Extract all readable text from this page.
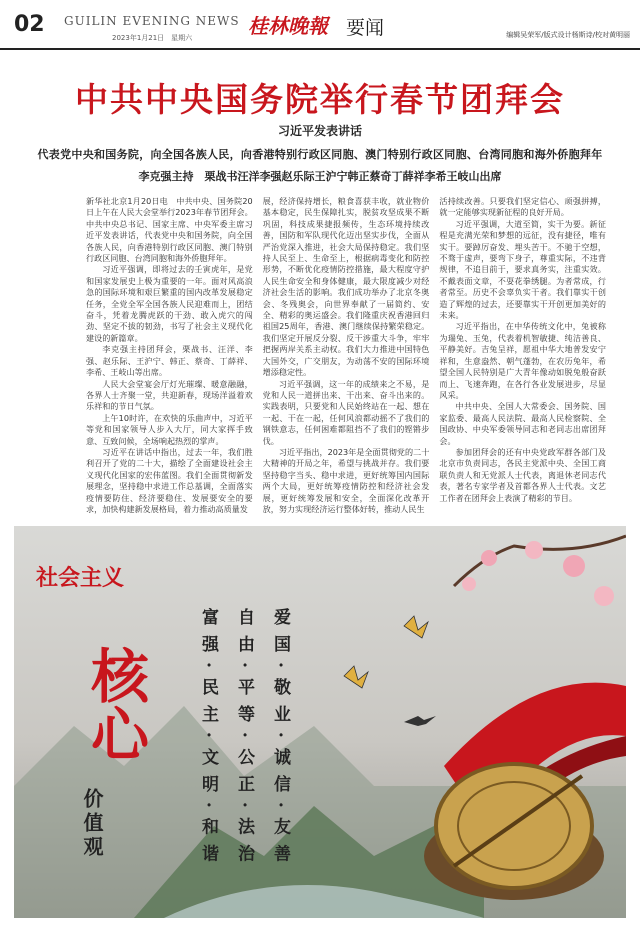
02 GUILIN EVENING NEWS
2023年1月21日　星期六	桂林晚報 要闻	编辑吴荣军/版式设计杨斯诗/校对黄明丽
中共中央国务院举行春节团拜会
习近平发表讲话
代表党中央和国务院，向全国各族人民，向香港特别行政区同胞、澳门特别行政区同胞、台湾同胞和海外侨胞拜年
李克强主持　栗战书汪洋李强赵乐际王沪宁韩正蔡奇丁薛祥李希王岐山出席

新华社北京1月20日电　中共中央、国务院20日上午在人民大会堂举行2023年春节团拜会。中共中央总书记、国家主席、中央军委主席习近平发表讲话，代表党中央和国务院，向全国各族人民，向香港特别行政区同胞、澳门特别行政区同胞、台湾同胞和海外侨胞拜年。

习近平强调，即将过去的壬寅虎年，是党和国家发展史上极为重要的一年。面对风高浪急的国际环境和艰巨繁重的国内改革发展稳定任务，全党全军全国各族人民迎难而上，团结奋斗，凭着龙腾虎跃的干劲、敢入虎穴的闯劲、坚定不拔的韧劲，书写了社会主义现代化建设的新篇章。

李克强主持团拜会，栗战书、汪洋、李强、赵乐际、王沪宁、韩正、蔡奇、丁薛祥、李希、王岐山等出席。

人民大会堂宴会厅灯光璀璨、暖意融融，各界人士齐聚一堂，共迎新春，现场洋溢着欢乐祥和的节日气氛。

上午10时许，在欢快的乐曲声中，习近平等党和国家领导人步入大厅，同大家挥手致意、互致问候，全场响起热烈的掌声。

习近平在讲话中指出，过去一年，我们胜利召开了党的二十大，描绘了全面建设社会主义现代化国家的宏伟蓝图。我们全面贯彻新发展理念，坚持稳中求进工作总基调，全面落实疫情要防住、经济要稳住、发展要安全的要求，加快构建新发展格局，着力推动高质量发

展，经济保持增长，粮食喜获丰收，就业物价基本稳定，民生保障扎实，脱贫攻坚成果不断巩固，科技成果捷报频传，生态环境持续改善，国防和军队现代化迈出坚实步伐，全面从严治党深入推进，社会大局保持稳定。我们坚持人民至上、生命至上，根据病毒变化和防控形势，不断优化疫情防控措施，最大程度守护人民生命安全和身体健康，最大限度减少对经济社会生活的影响。我们成功举办了北京冬奥会、冬残奥会，向世界奉献了一届简约、安全、精彩的奥运盛会。我们隆重庆祝香港回归祖国25周年，香港、澳门继续保持繁荣稳定。我们坚定开展反分裂、反干涉重大斗争，牢牢把握两岸关系主动权。我们大力推进中国特色大国外交，广交朋友，为动荡不安的国际环境增添稳定性。

习近平强调，这一年的成绩来之不易，是党和人民一道拼出来、干出来、奋斗出来的。实践表明，只要党和人民始终站在一起、想在一起、干在一起，任何风浪都动摇不了我们的钢铁意志，任何困难都阻挡不了我们的铿锵步伐。

习近平指出，2023年是全面贯彻党的二十大精神的开局之年，希望与挑战并存。我们要坚持稳字当头、稳中求进，更好统筹国内国际两个大局，更好统筹疫情防控和经济社会发展，更好统筹发展和安全，全面深化改革开放，努力实现经济运行整体好转，推动人民生

活持续改善。只要我们坚定信心、顽强拼搏，就一定能够实现新征程的良好开局。

习近平强调，大道至简，实干为要。新征程是充满光荣和梦想的远征，没有捷径，唯有实干。要踔厉奋发、埋头苦干。不驰于空想，不骛于虚声，要弯下身子，尊重实际，不违背规律，不追目前于，要求真务实，注重实效。不戴表面文章，不耍花拳绣腿。为者常成，行者常至。历史不会辜负实干者。我们靠实干创造了辉煌的过去，还要靠实干开创更加美好的未来。

习近平指出，在中华传统文化中，兔被称为瑞兔、玉兔，代表着机智敏捷、纯洁善良、平静美好。吉兔呈祥，愿祖中华大地普发安宁祥和，生意盎然、朝气蓬勃，在农历兔年，希望全国人民特别是广大青年像动如脱兔般奋跃而上、飞速奔跑，在各行各业发展进步，尽显风采。

中共中央、全国人大常委会、国务院、国家监委、最高人民法院、最高人民检察院、全国政协、中央军委领导同志和老同志出席团拜会。

参加团拜会的还有中央党政军群各部门及北京市负责同志，各民主党派中央、全国工商联负责人和无党派人士代表，离退休老同志代表，著名专家学者及首都各界人士代表。文艺工作者在团拜会上表演了精彩的节目。

社会主义
核心
价值观	富强·民主·文明·和谐 自由·平等·公正·法治 爱国·敬业·诚信·友善
